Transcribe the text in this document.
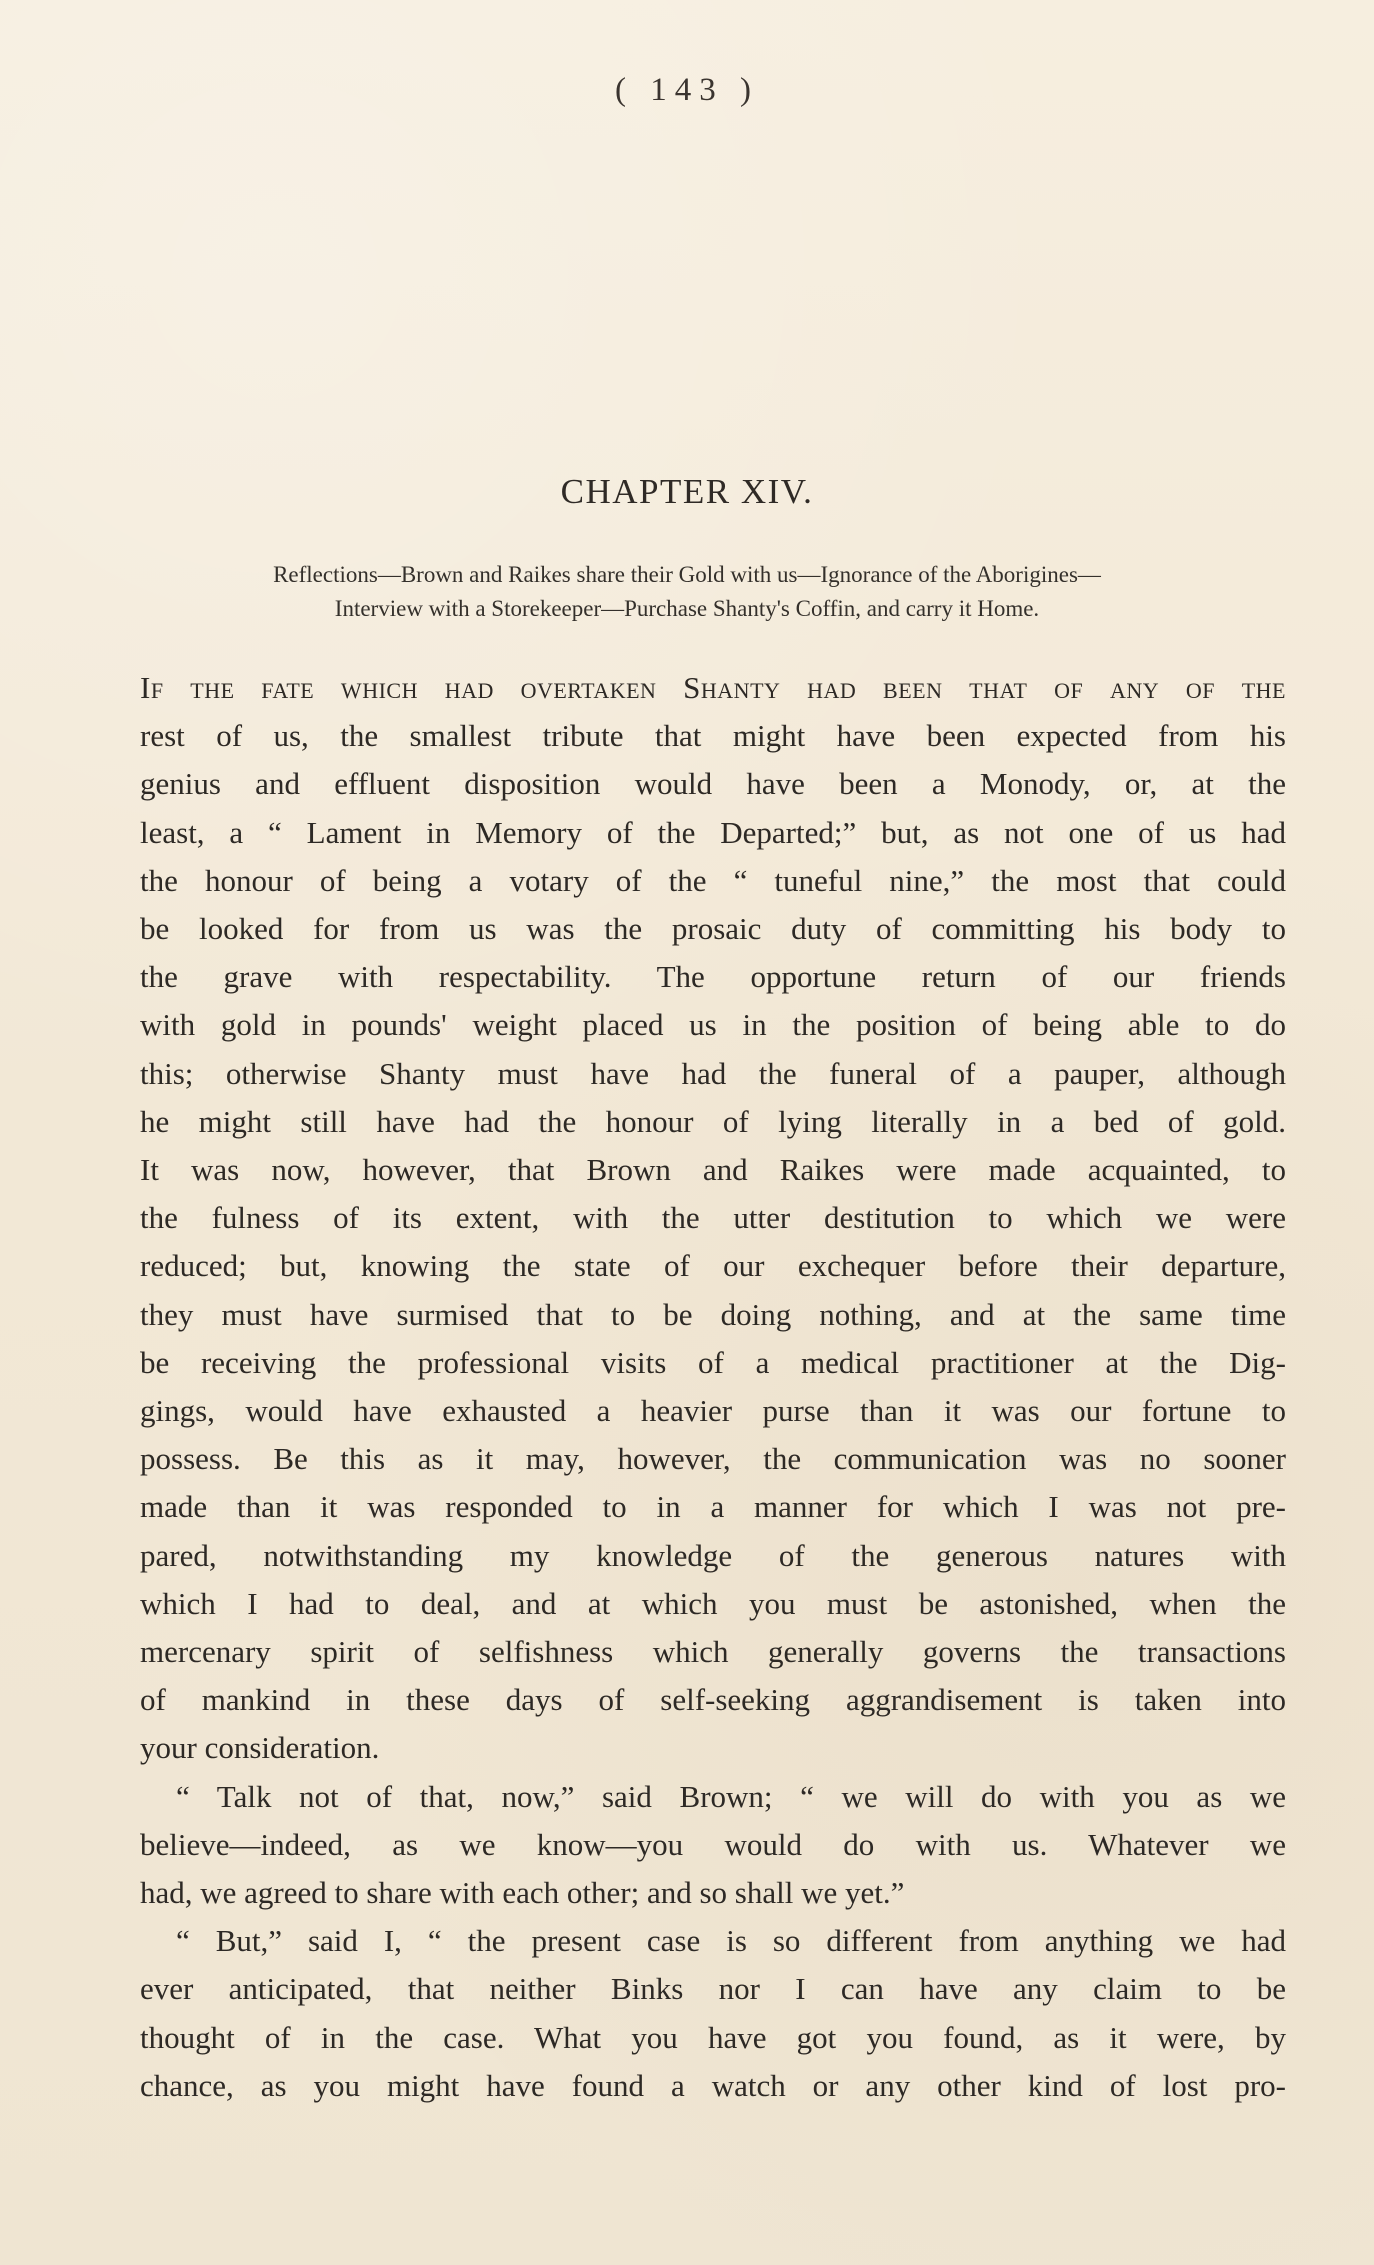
( 143 )
CHAPTER XIV.
Reflections—Brown and Raikes share their Gold with us—Ignorance of the Aborigines—
Interview with a Storekeeper—Purchase Shanty's Coffin, and carry it Home.
If the fate which had overtaken Shanty had been that of any of the
rest of us, the smallest tribute that might have been expected from his
genius and effluent disposition would have been a Monody, or, at the
least, a “ Lament in Memory of the Departed;” but, as not one of us had
the honour of being a votary of the “ tuneful nine,” the most that could
be looked for from us was the prosaic duty of committing his body to
the grave with respectability. The opportune return of our friends
with gold in pounds' weight placed us in the position of being able to do
this; otherwise Shanty must have had the funeral of a pauper, although
he might still have had the honour of lying literally in a bed of gold.
It was now, however, that Brown and Raikes were made acquainted, to
the fulness of its extent, with the utter destitution to which we were
reduced; but, knowing the state of our exchequer before their departure,
they must have surmised that to be doing nothing, and at the same time
be receiving the professional visits of a medical practitioner at the Dig-
gings, would have exhausted a heavier purse than it was our fortune to
possess. Be this as it may, however, the communication was no sooner
made than it was responded to in a manner for which I was not pre-
pared, notwithstanding my knowledge of the generous natures with
which I had to deal, and at which you must be astonished, when the
mercenary spirit of selfishness which generally governs the transactions
of mankind in these days of self-seeking aggrandisement is taken into
your consideration.
“ Talk not of that, now,” said Brown; “ we will do with you as we
believe—indeed, as we know—you would do with us. Whatever we
had, we agreed to share with each other; and so shall we yet.”
“ But,” said I, “ the present case is so different from anything we had
ever anticipated, that neither Binks nor I can have any claim to be
thought of in the case. What you have got you found, as it were, by
chance, as you might have found a watch or any other kind of lost pro-
